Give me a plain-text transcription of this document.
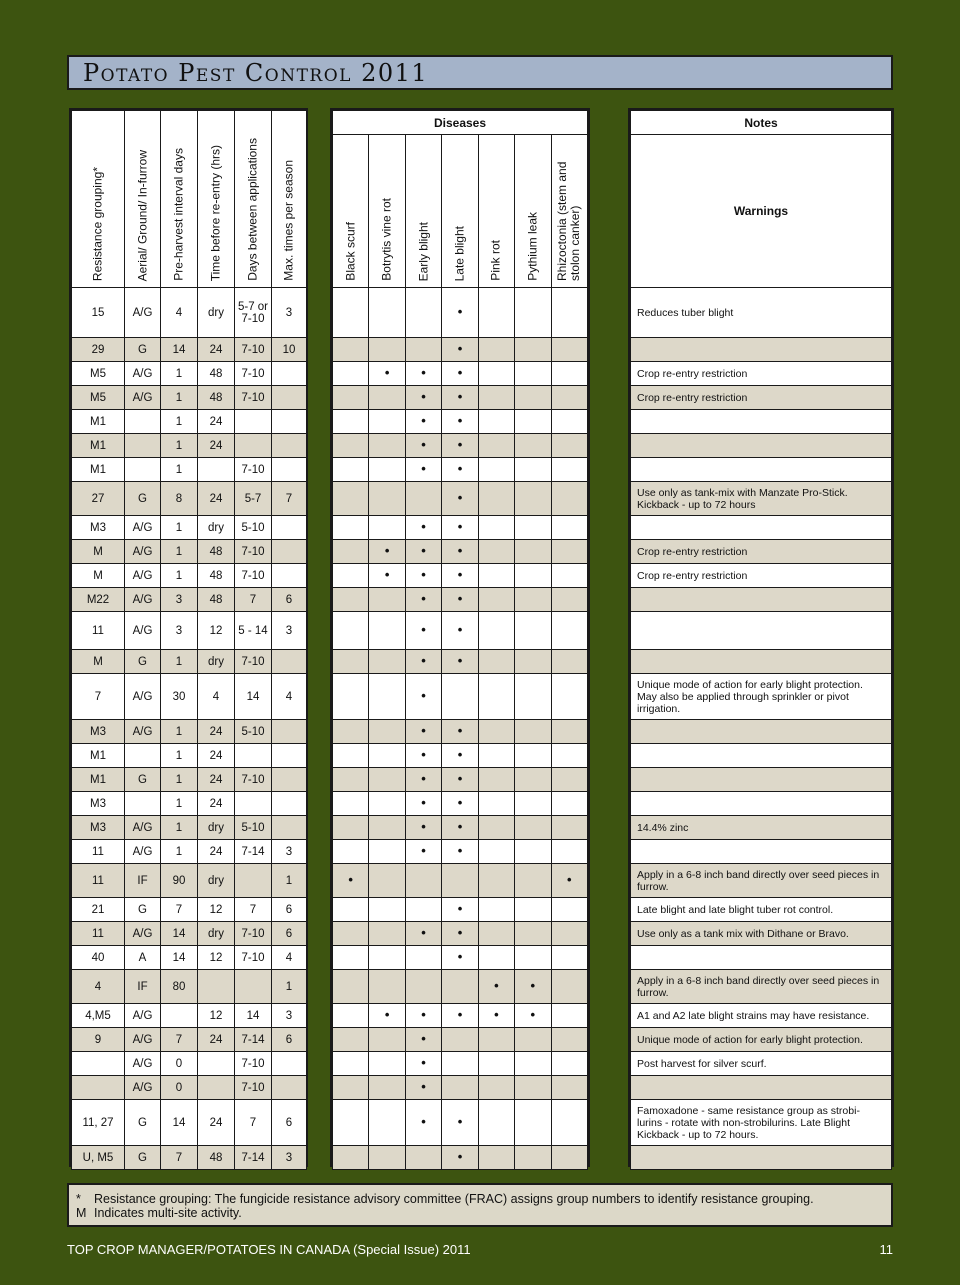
Potato Pest Control 2011
Resistance grouping*	Aerial/ Ground/ In-furrow	Pre-harvest interval days	Time before re-entry (hrs)	Days between applications	Max. times per season

15	A/G	4	dry	5-7 or 7-10	3
29	G	14	24	7-10	10
M5	A/G	1	48	7-10	
M5	A/G	1	48	7-10	
M1		1	24		
M1		1	24		
M1		1		7-10	
27	G	8	24	5-7	7
M3	A/G	1	dry	5-10	
M	A/G	1	48	7-10	
M	A/G	1	48	7-10	
M22	A/G	3	48	7	6
11	A/G	3	12	5 - 14	3
M	G	1	dry	7-10	
7	A/G	30	4	14	4
M3	A/G	1	24	5-10	
M1		1	24		
M1	G	1	24	7-10	
M3		1	24		
M3	A/G	1	dry	5-10	
11	A/G	1	24	7-14	3
11	IF	90	dry		1
21	G	7	12	7	6
11	A/G	14	dry	7-10	6
40	A	14	12	7-10	4
4	IF	80			1
4,M5	A/G		12	14	3
9	A/G	7	24	7-14	6
	A/G	0		7-10	
	A/G	0		7-10	
11, 27	G	14	24	7	6
U, M5	G	7	48	7-14	3
Diseases						

Black scurf	Botrytis vine rot	Early blight	Late blight	Pink rot	Pythium leak	Rhizoctonia (stem and stolon canker)

			•			
			•			
	•	•	•			
		•	•			
		•	•			
		•	•			
		•	•			
			•			
		•	•			
	•	•	•			
	•	•	•			
		•	•			
		•	•			
		•	•			
		•				
		•	•			
		•	•			
		•	•			
		•	•			
		•	•			
		•	•			
•						•
			•			
		•	•			
			•			
				•	•	
	•	•	•	•	•	
		•				
		•				
		•				
		•	•			
			•			
Notes
Warnings
Reduces tuber blight

Crop re-entry restriction
Crop re-entry restriction

Use only as tank-mix with Manzate Pro-Stick. Kickback - up to 72 hours

Crop re-entry restriction
Crop re-entry restriction

Unique mode of action for early blight protection. May also be applied through sprinkler or pivot irrigation.

14.4% zinc

Apply in a 6-8 inch band directly over seed pieces in furrow.
Late blight and late blight tuber rot control.
Use only as a tank mix with Dithane or Bravo.

Apply in a 6-8 inch band directly over seed pieces in furrow.
A1 and A2 late blight strains may have resistance.
Unique mode of action for early blight protection.
Post harvest for silver scurf.

Famoxadone - same resistance group as strobi-lurins - rotate with non-strobilurins. Late Blight Kickback - up to 72 hours.

*	Resistance grouping: The fungicide resistance advisory committee (FRAC) assigns group numbers to identify resistance grouping.
M Indicates multi-site activity.
TOP CROP MANAGER/POTATOES IN CANADA (Special Issue) 2011	11
